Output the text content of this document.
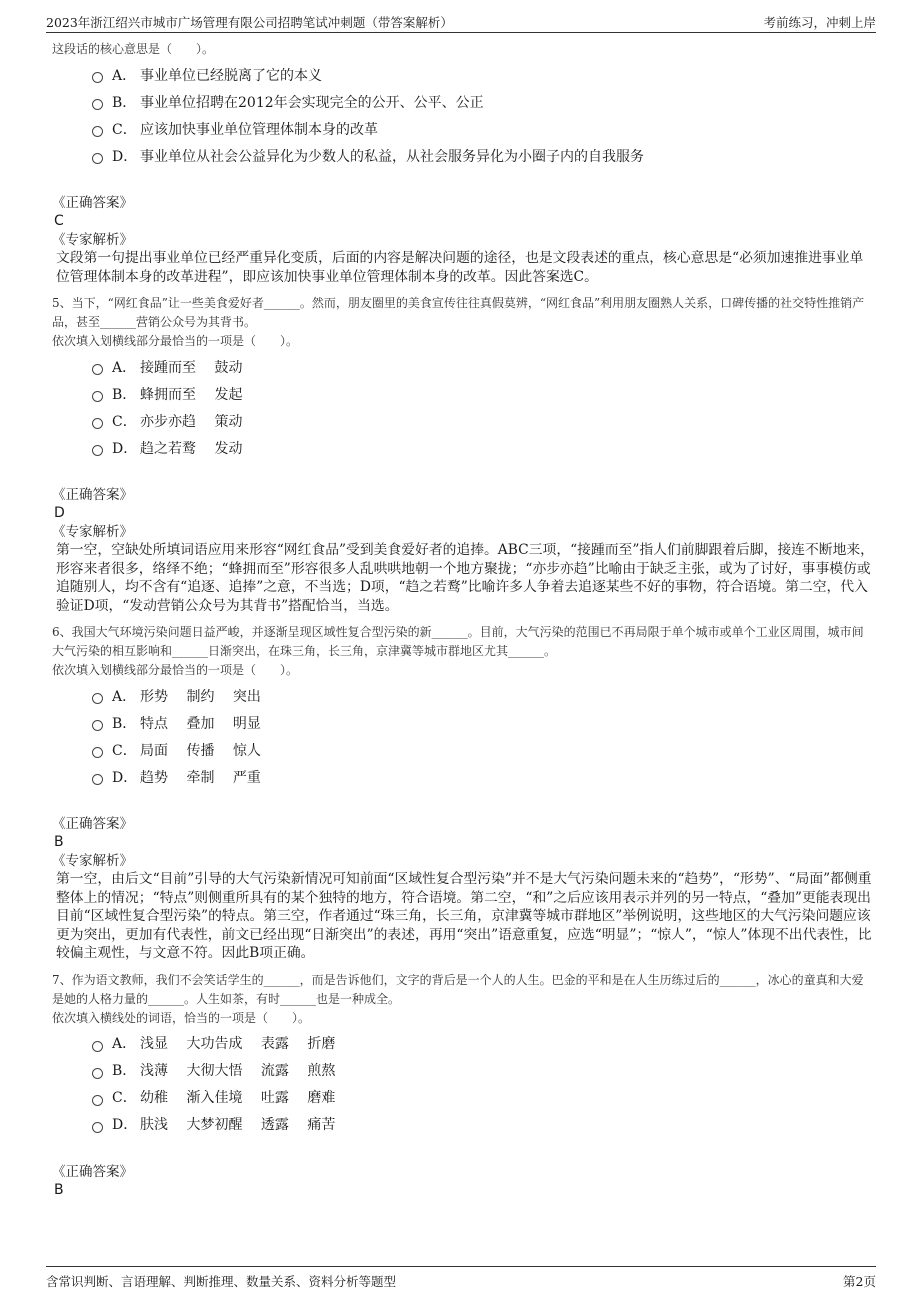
2023年浙江绍兴市城市广场管理有限公司招聘笔试冲刺题（带答案解析）	考前练习，冲刺上岸

这段话的核心意思是（　　）。

A． 事业单位已经脱离了它的本义
B． 事业单位招聘在2012年会实现完全的公开、公平、公正
C． 应该加快事业单位管理体制本身的改革
D． 事业单位从社会公益异化为少数人的私益，从社会服务异化为小圈子内的自我服务
《正确答案》
C
《专家解析》

文段第一句提出事业单位已经严重异化变质，后面的内容是解决问题的途径，也是文段表述的重点，核心意思是“必须加速推进事业单位管理体制本身的改革进程”，即应该加快事业单位管理体制本身的改革。因此答案选C。

5、当下，“网红食品”让一些美食爱好者______。然而，朋友圈里的美食宣传往往真假莫辨，“网红食品”利用朋友圈熟人关系，口碑传播的社交特性推销产品，甚至______营销公众号为其背书。

依次填入划横线部分最恰当的一项是（　　）。

A． 接踵而至　 鼓动
B． 蜂拥而至　 发起
C． 亦步亦趋　 策动
D． 趋之若鹜　 发动
《正确答案》
D
《专家解析》

第一空，空缺处所填词语应用来形容“网红食品”受到美食爱好者的追捧。ABC三项，“接踵而至”指人们前脚跟着后脚，接连不断地来，形容来者很多，络绎不绝；“蜂拥而至”形容很多人乱哄哄地朝一个地方聚拢；“亦步亦趋”比喻由于缺乏主张，或为了讨好，事事模仿或追随别人，均不含有“追逐、追捧”之意，不当选；D项，“趋之若鹜”比喻许多人争着去追逐某些不好的事物，符合语境。第二空，代入验证D项，“发动营销公众号为其背书”搭配恰当，当选。

6、我国大气环境污染问题日益严峻，并逐渐呈现区域性复合型污染的新______。目前，大气污染的范围已不再局限于单个城市或单个工业区周围，城市间大气污染的相互影响和______日渐突出，在珠三角，长三角，京津冀等城市群地区尤其______。

依次填入划横线部分最恰当的一项是（　　）。

A． 形势　 制约　 突出
B． 特点　 叠加　 明显
C． 局面　 传播　 惊人
D． 趋势　 牵制　 严重
《正确答案》
B
《专家解析》

第一空，由后文“目前”引导的大气污染新情况可知前面“区域性复合型污染”并不是大气污染问题未来的“趋势”，“形势”、“局面”都侧重整体上的情况；“特点”则侧重所具有的某个独特的地方，符合语境。第二空，“和”之后应该用表示并列的另一特点，“叠加”更能表现出目前“区域性复合型污染”的特点。第三空，作者通过“珠三角，长三角，京津冀等城市群地区”举例说明，这些地区的大气污染问题应该更为突出，更加有代表性，前文已经出现“日渐突出”的表述，再用“突出”语意重复，应选“明显”；“惊人”，“惊人”体现不出代表性，比较偏主观性，与文意不符。因此B项正确。

7、作为语文教师，我们不会笑话学生的______，而是告诉他们，文字的背后是一个人的人生。巴金的平和是在人生历练过后的______，冰心的童真和大爱是她的人格力量的______。人生如茶，有时______也是一种成全。

依次填入横线处的词语，恰当的一项是（　　）。

A． 浅显　 大功告成　 表露　 折磨
B． 浅薄　 大彻大悟　 流露　 煎熬
C． 幼稚　 渐入佳境　 吐露　 磨难
D． 肤浅　 大梦初醒　 透露　 痛苦
《正确答案》
B
含常识判断、言语理解、判断推理、数量关系、资料分析等题型	第2页
